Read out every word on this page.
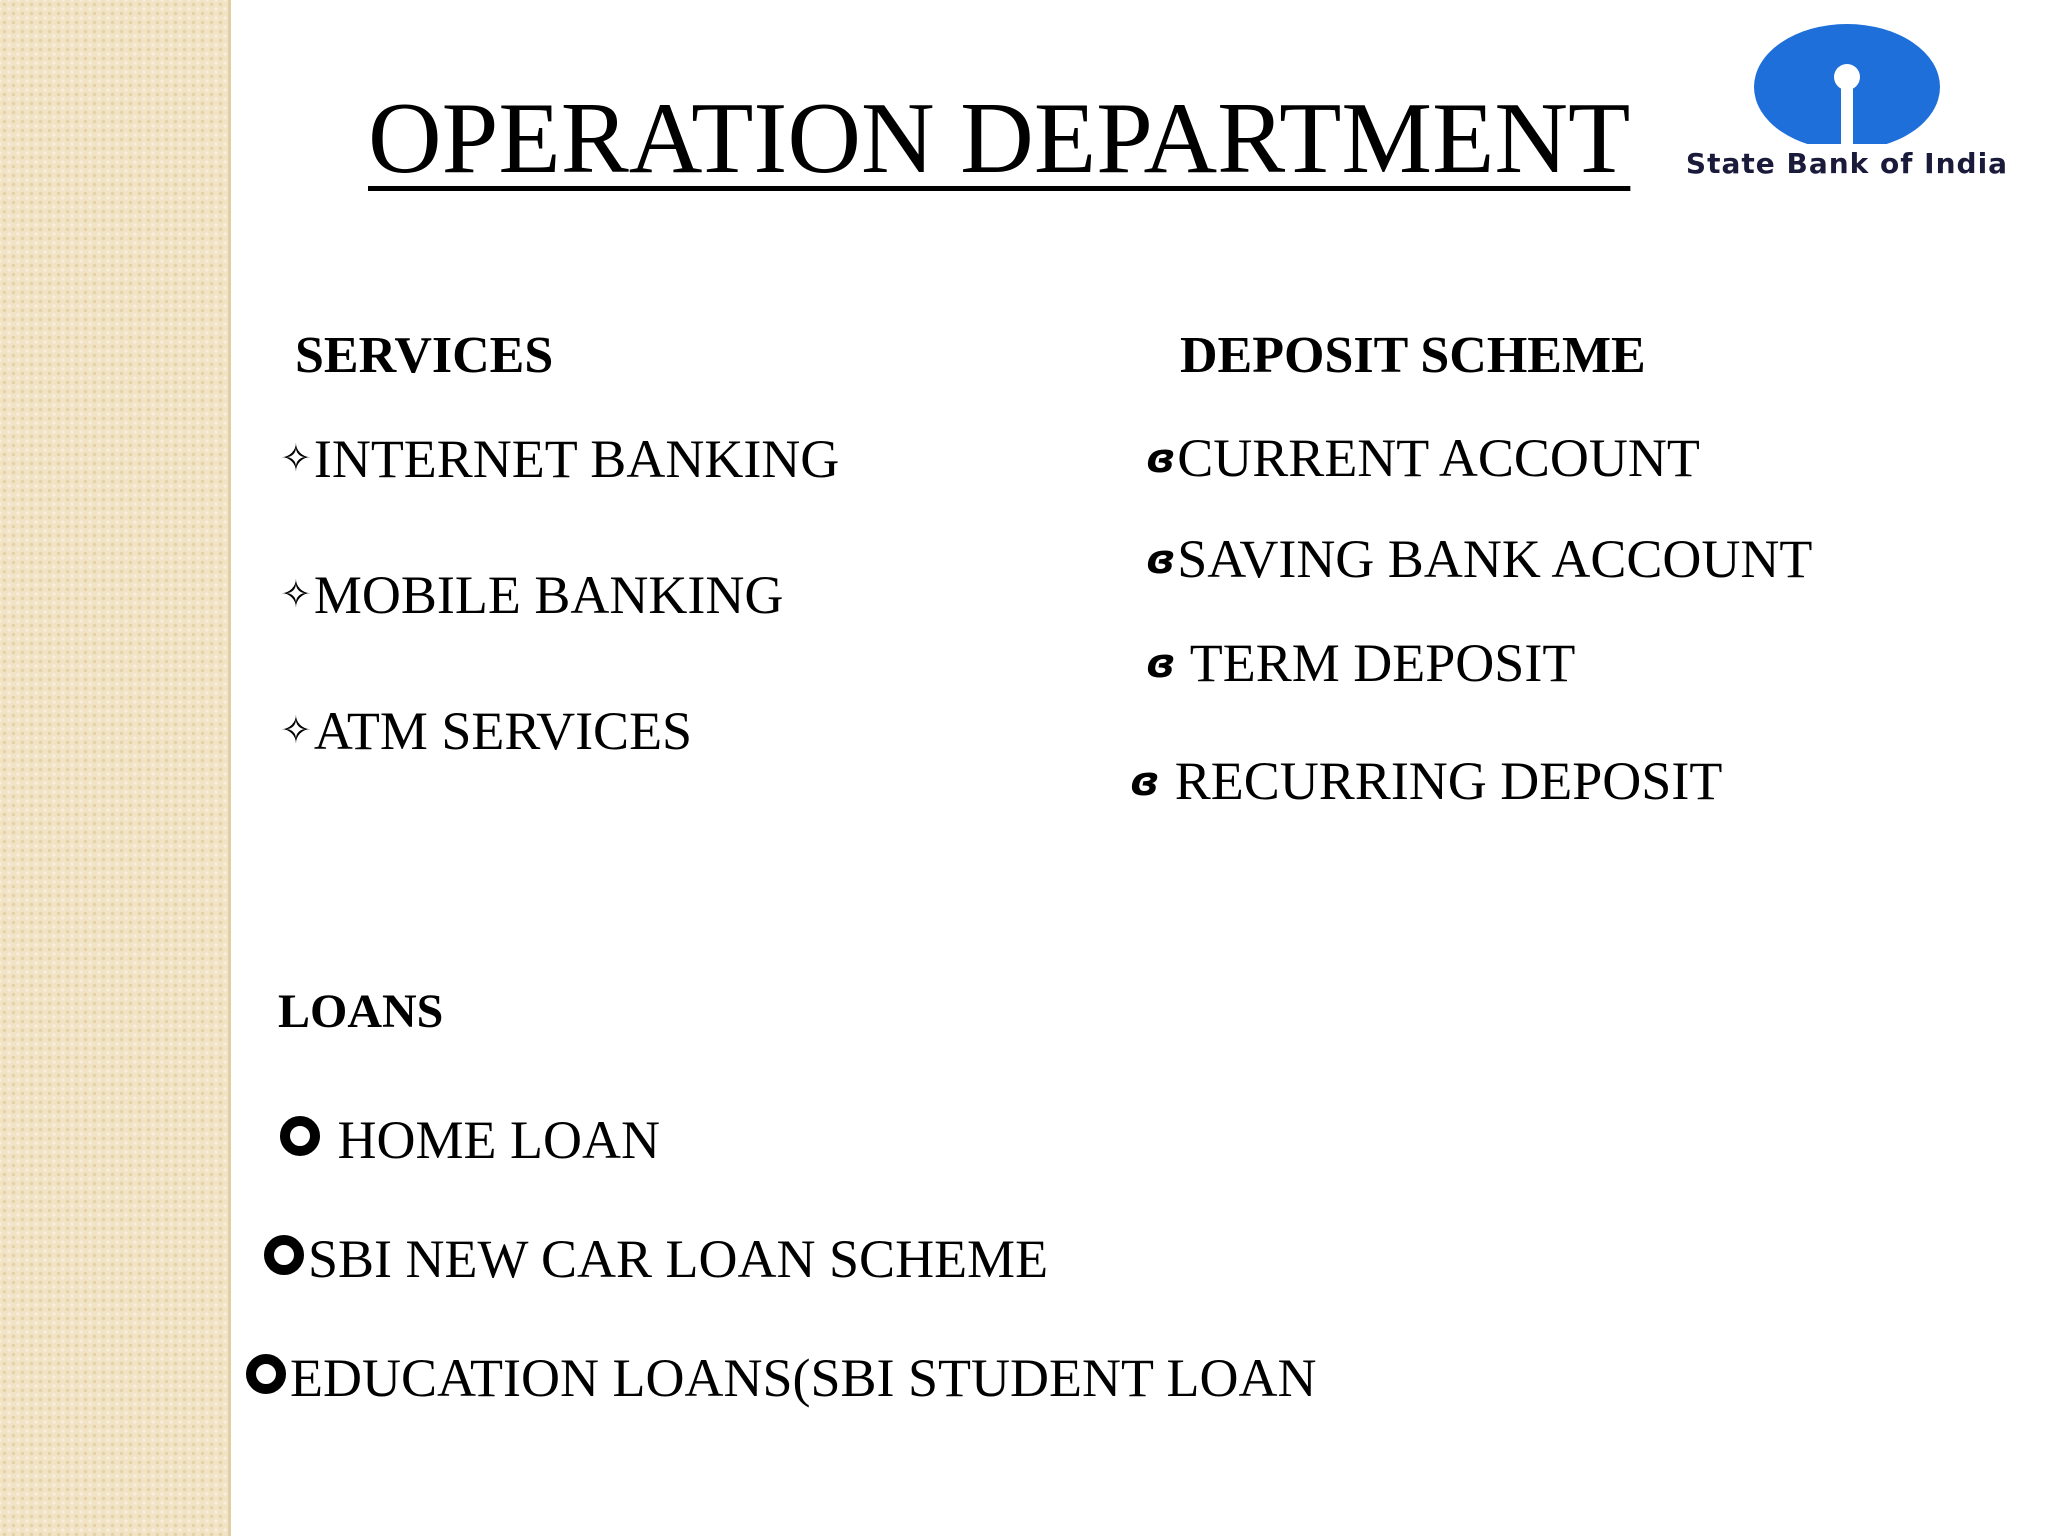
OPERATION DEPARTMENT State Bank of India
SERVICES
✧INTERNET BANKING
✧MOBILE BANKING
✧ATM SERVICES
DEPOSIT SCHEME
ɞCURRENT ACCOUNT
ɞSAVING BANK ACCOUNT
ɞ TERM DEPOSIT
ɞ RECURRING DEPOSIT
LOANS
HOME LOAN
SBI NEW CAR LOAN SCHEME
EDUCATION LOANS(SBI STUDENT LOAN
